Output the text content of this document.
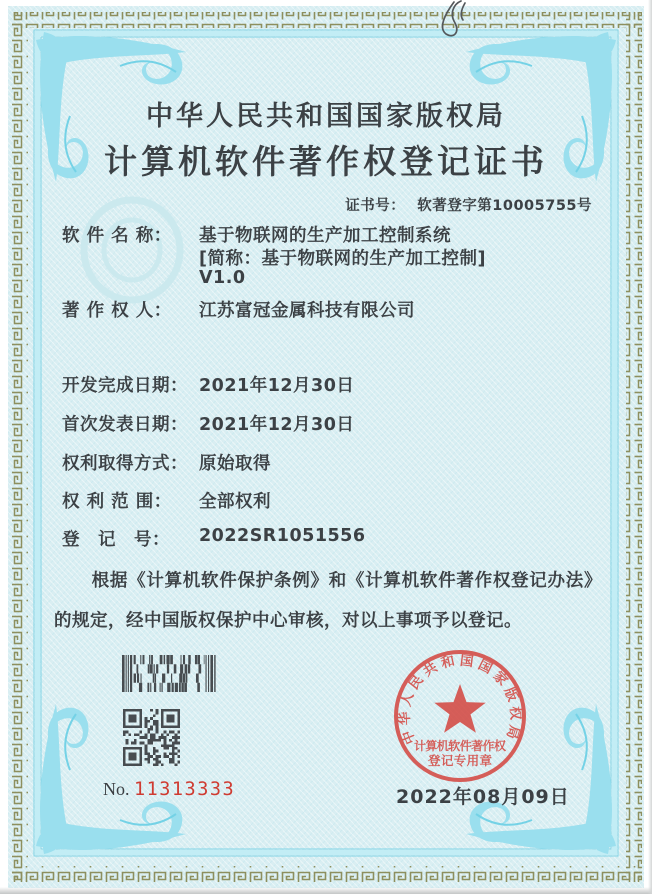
中华人民共和国国家版权局
计算机软件著作权登记证书
证书号： 软著登字第10005755号
软 件 名 称： 基于物联网的生产加工控制系统
[简称：基于物联网的生产加工控制]
V1.0
著 作 权 人： 江苏富冠金属科技有限公司
开发完成日期： 2021年12月30日
首次发表日期： 2021年12月30日
权利取得方式： 原始取得
权 利 范 围： 全部权利
登　记　号： 2022SR1051556
根据《计算机软件保护条例》和《计算机软件著作权登记办法》的规定，经中国版权保护中心审核，对以上事项予以登记。
No. 11313333
中华人民共和国国家版权局
计算机软件著作权
登记专用章
2022年08月09日
